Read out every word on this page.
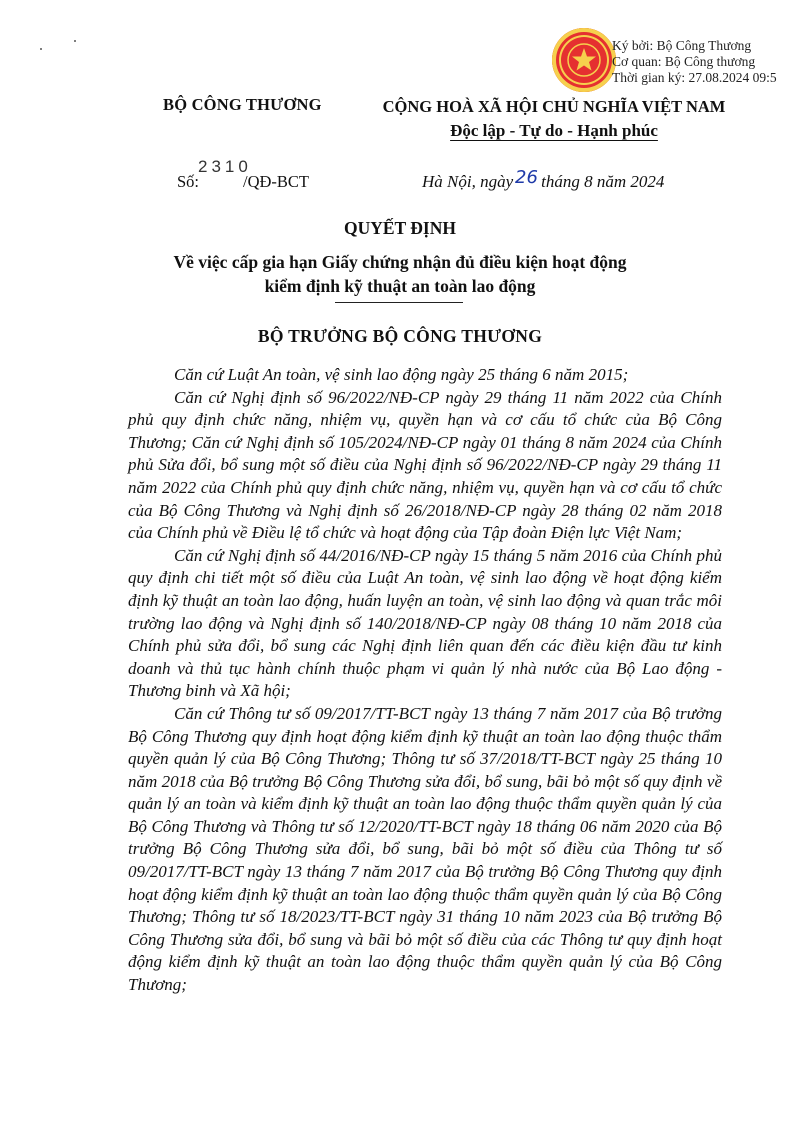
Ký bởi: Bộ Công Thương
Cơ quan: Bộ Công thương
Thời gian ký: 27.08.2024 09:5
BỘ CÔNG THƯƠNG	CỘNG HOÀ XÃ HỘI CHỦ NGHĨA VIỆT NAM
Độc lập - Tự do - Hạnh phúc
Số:	/QĐ-BCT
2310
Hà Nội, ngày tháng 8 năm 2024
26
QUYẾT ĐỊNH
Về việc cấp gia hạn Giấy chứng nhận đủ điều kiện hoạt động
kiểm định kỹ thuật an toàn lao động
BỘ TRƯỞNG BỘ CÔNG THƯƠNG

Căn cứ Luật An toàn, vệ sinh lao động ngày 25 tháng 6 năm 2015;

Căn cứ Nghị định số 96/2022/NĐ-CP ngày 29 tháng 11 năm 2022 của Chính phủ quy định chức năng, nhiệm vụ, quyền hạn và cơ cấu tổ chức của Bộ Công Thương; Căn cứ Nghị định số 105/2024/NĐ-CP ngày 01 tháng 8 năm 2024 của Chính phủ Sửa đổi, bổ sung một số điều của Nghị định số 96/2022/NĐ-CP ngày 29 tháng 11 năm 2022 của Chính phủ quy định chức năng, nhiệm vụ, quyền hạn và cơ cấu tổ chức của Bộ Công Thương và Nghị định số 26/2018/NĐ-CP ngày 28 tháng 02 năm 2018 của Chính phủ về Điều lệ tổ chức và hoạt động của Tập đoàn Điện lực Việt Nam;

Căn cứ Nghị định số 44/2016/NĐ-CP ngày 15 tháng 5 năm 2016 của Chính phủ quy định chi tiết một số điều của Luật An toàn, vệ sinh lao động về hoạt động kiểm định kỹ thuật an toàn lao động, huấn luyện an toàn, vệ sinh lao động và quan trắc môi trường lao động và Nghị định số 140/2018/NĐ-CP ngày 08 tháng 10 năm 2018 của Chính phủ sửa đổi, bổ sung các Nghị định liên quan đến các điều kiện đầu tư kinh doanh và thủ tục hành chính thuộc phạm vi quản lý nhà nước của Bộ Lao động - Thương binh và Xã hội;

Căn cứ Thông tư số 09/2017/TT-BCT ngày 13 tháng 7 năm 2017 của Bộ trưởng Bộ Công Thương quy định hoạt động kiểm định kỹ thuật an toàn lao động thuộc thẩm quyền quản lý của Bộ Công Thương; Thông tư số 37/2018/TT-BCT ngày 25 tháng 10 năm 2018 của Bộ trưởng Bộ Công Thương sửa đổi, bổ sung, bãi bỏ một số quy định về quản lý an toàn và kiểm định kỹ thuật an toàn lao động thuộc thẩm quyền quản lý của Bộ Công Thương và Thông tư số 12/2020/TT-BCT ngày 18 tháng 06 năm 2020 của Bộ trưởng Bộ Công Thương sửa đổi, bổ sung, bãi bỏ một số điều của Thông tư số 09/2017/TT-BCT ngày 13 tháng 7 năm 2017 của Bộ trưởng Bộ Công Thương quy định hoạt động kiểm định kỹ thuật an toàn lao động thuộc thẩm quyền quản lý của Bộ Công Thương; Thông tư số 18/2023/TT-BCT ngày 31 tháng 10 năm 2023 của Bộ trưởng Bộ Công Thương sửa đổi, bổ sung và bãi bỏ một số điều của các Thông tư quy định hoạt động kiểm định kỹ thuật an toàn lao động thuộc thẩm quyền quản lý của Bộ Công Thương;
